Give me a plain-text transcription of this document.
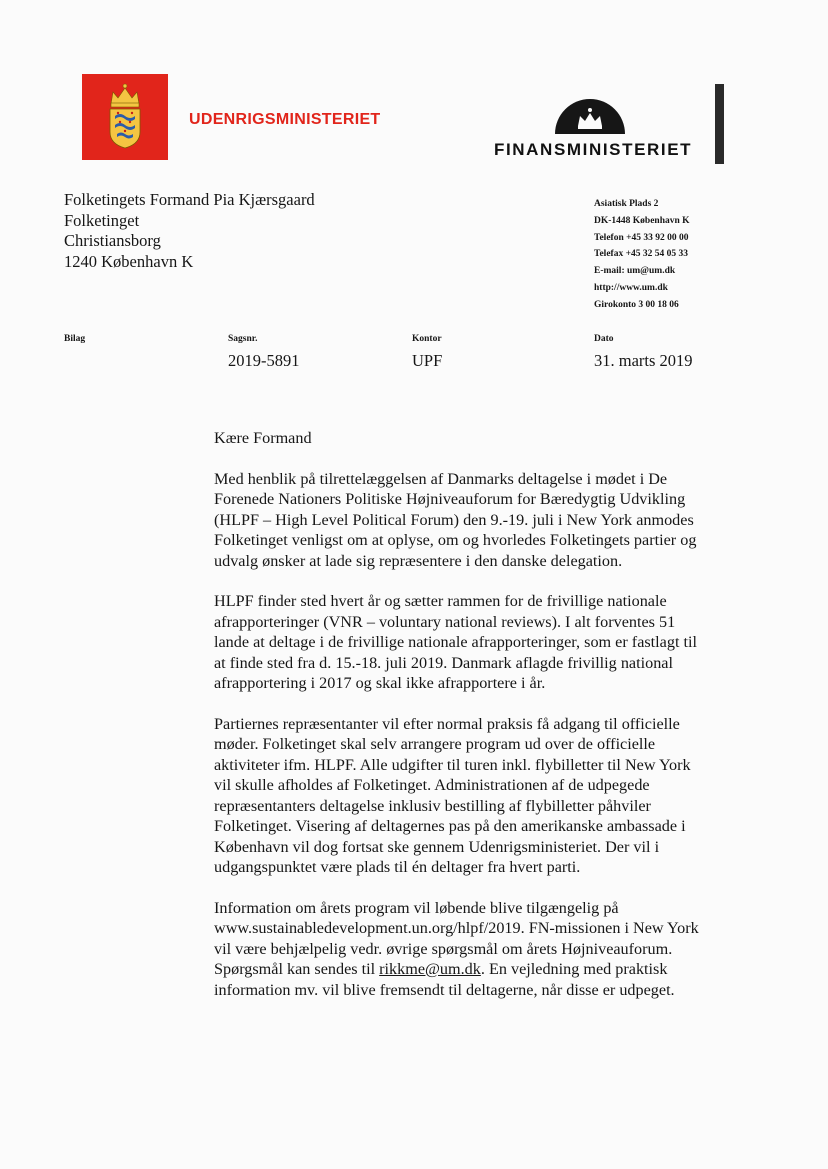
UDENRIGSMINISTERIET
FINANSMINISTERIET
Folketingets Formand Pia Kjærsgaard
Folketinget
Christiansborg
1240 København K
Asiatisk Plads 2
DK-1448 København K
Telefon +45 33 92 00 00
Telefax +45 32 54 05 33
E-mail: um@um.dk
http://www.um.dk
Girokonto 3 00 18 06
Bilag	Sagsnr.
2019-5891
Kontor
UPF
Dato
31. marts 2019

Kære Formand

Med henblik på tilrettelæggelsen af Danmarks deltagelse i mødet i De Forenede Nationers Politiske Højniveauforum for Bæredygtig Udvikling (HLPF – High Level Political Forum) den 9.-19. juli i New York anmodes Folketinget venligst om at oplyse, om og hvorledes Folketingets partier og udvalg ønsker at lade sig repræsentere i den danske delegation.

HLPF finder sted hvert år og sætter rammen for de frivillige nationale afrapporteringer (VNR – voluntary national reviews). I alt forventes 51 lande at deltage i de frivillige nationale afrapporteringer, som er fastlagt til at finde sted fra d. 15.-18. juli 2019. Danmark aflagde frivillig national afrapportering i 2017 og skal ikke afrapportere i år.

Partiernes repræsentanter vil efter normal praksis få adgang til officielle møder. Folketinget skal selv arrangere program ud over de officielle aktiviteter ifm. HLPF. Alle udgifter til turen inkl. flybilletter til New York vil skulle afholdes af Folketinget. Administrationen af de udpegede repræsentanters deltagelse inklusiv bestilling af flybilletter påhviler Folketinget. Visering af deltagernes pas på den amerikanske ambassade i København vil dog fortsat ske gennem Udenrigsministeriet. Der vil i udgangspunktet være plads til én deltager fra hvert parti.

Information om årets program vil løbende blive tilgængelig på www.sustainabledevelopment.un.org/hlpf/2019. FN-missionen i New York vil være behjælpelig vedr. øvrige spørgsmål om årets Højniveauforum. Spørgsmål kan sendes til rikkme@um.dk. En vejledning med praktisk information mv. vil blive fremsendt til deltagerne, når disse er udpeget.
